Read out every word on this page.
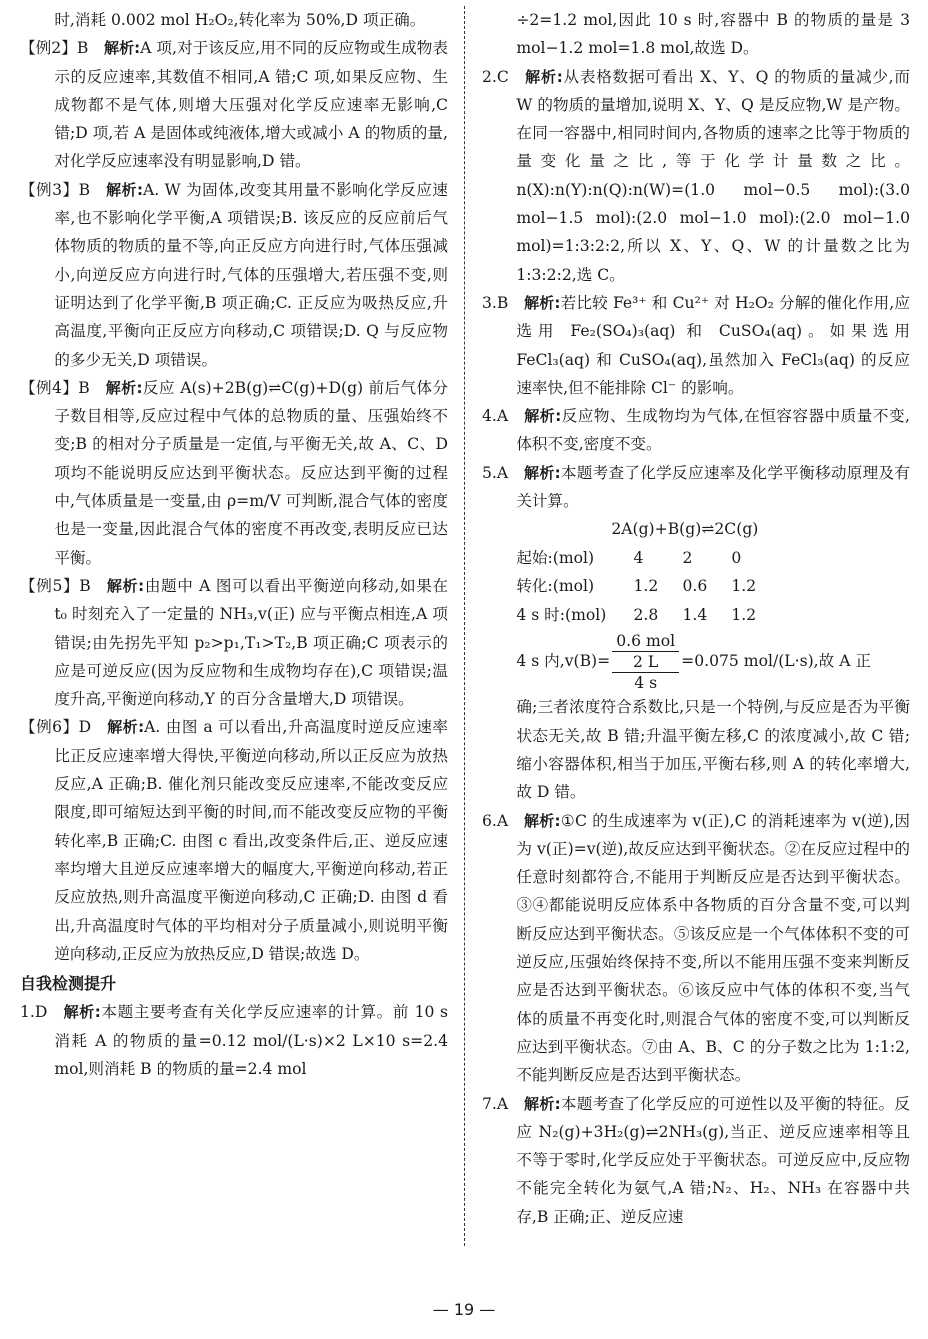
时,消耗 0.002 mol H₂O₂,转化率为 50%,D 项正确。

【例2】B  解析:A 项,对于该反应,用不同的反应物或生成物表示的反应速率,其数值不相同,A 错;C 项,如果反应物、生成物都不是气体,则增大压强对化学反应速率无影响,C 错;D 项,若 A 是固体或纯液体,增大或减小 A 的物质的量,对化学反应速率没有明显影响,D 错。

【例3】B  解析:A. W 为固体,改变其用量不影响化学反应速率,也不影响化学平衡,A 项错误;B. 该反应的反应前后气体物质的物质的量不等,向正反应方向进行时,气体压强减小,向逆反应方向进行时,气体的压强增大,若压强不变,则证明达到了化学平衡,B 项正确;C. 正反应为吸热反应,升高温度,平衡向正反应方向移动,C 项错误;D. Q 与反应物的多少无关,D 项错误。

【例4】B  解析:反应 A(s)+2B(g)⇌C(g)+D(g) 前后气体分子数目相等,反应过程中气体的总物质的量、压强始终不变;B 的相对分子质量是一定值,与平衡无关,故 A、C、D 项均不能说明反应达到平衡状态。反应达到平衡的过程中,气体质量是一变量,由 ρ=m/V 可判断,混合气体的密度也是一变量,因此混合气体的密度不再改变,表明反应已达平衡。

【例5】B  解析:由题中 A 图可以看出平衡逆向移动,如果在 t₀ 时刻充入了一定量的 NH₃,v(正) 应与平衡点相连,A 项错误;由先拐先平知 p₂>p₁,T₁>T₂,B 项正确;C 项表示的应是可逆反应(因为反应物和生成物均存在),C 项错误;温度升高,平衡逆向移动,Y 的百分含量增大,D 项错误。

【例6】D  解析:A. 由图 a 可以看出,升高温度时逆反应速率比正反应速率增大得快,平衡逆向移动,所以正反应为放热反应,A 正确;B. 催化剂只能改变反应速率,不能改变反应限度,即可缩短达到平衡的时间,而不能改变反应物的平衡转化率,B 正确;C. 由图 c 看出,改变条件后,正、逆反应速率均增大且逆反应速率增大的幅度大,平衡逆向移动,若正反应放热,则升高温度平衡逆向移动,C 正确;D. 由图 d 看出,升高温度时气体的平均相对分子质量减小,则说明平衡逆向移动,正反应为放热反应,D 错误;故选 D。

自我检测提升

1.D  解析:本题主要考查有关化学反应速率的计算。前 10 s 消耗 A 的物质的量=0.12 mol/(L·s)×2 L×10 s=2.4 mol,则消耗 B 的物质的量=2.4 mol

÷2=1.2 mol,因此 10 s 时,容器中 B 的物质的量是 3 mol−1.2 mol=1.8 mol,故选 D。

2.C  解析:从表格数据可看出 X、Y、Q 的物质的量减少,而 W 的物质的量增加,说明 X、Y、Q 是反应物,W 是产物。在同一容器中,相同时间内,各物质的速率之比等于物质的量变化量之比,等于化学计量数之比。n(X):n(Y):n(Q):n(W)=(1.0 mol−0.5 mol):(3.0 mol−1.5 mol):(2.0 mol−1.0 mol):(2.0 mol−1.0 mol)=1:3:2:2,所以 X、Y、Q、W 的计量数之比为 1:3:2:2,选 C。

3.B  解析:若比较 Fe³⁺ 和 Cu²⁺ 对 H₂O₂ 分解的催化作用,应选用 Fe₂(SO₄)₃(aq) 和 CuSO₄(aq)。如果选用 FeCl₃(aq) 和 CuSO₄(aq),虽然加入 FeCl₃(aq) 的反应速率快,但不能排除 Cl⁻ 的影响。

4.A  解析:反应物、生成物均为气体,在恒容容器中质量不变,体积不变,密度不变。

5.A  解析:本题考查了化学反应速率及化学平衡移动原理及有关计算。

2A(g)+B(g)⇌2C(g)			
起始:(mol)	4	2	0
转化:(mol)	1.2	0.6	1.2
4 s 时:(mol)	2.8	1.4	1.2

4 s 内,v(B)=
0.6 mol
2 L
4 s
=0.075 mol/(L·s),故 A 正

确;三者浓度符合系数比,只是一个特例,与反应是否为平衡状态无关,故 B 错;升温平衡左移,C 的浓度减小,故 C 错;缩小容器体积,相当于加压,平衡右移,则 A 的转化率增大,故 D 错。

6.A  解析:①C 的生成速率为 v(正),C 的消耗速率为 v(逆),因为 v(正)=v(逆),故反应达到平衡状态。②在反应过程中的任意时刻都符合,不能用于判断反应是否达到平衡状态。③④都能说明反应体系中各物质的百分含量不变,可以判断反应达到平衡状态。⑤该反应是一个气体体积不变的可逆反应,压强始终保持不变,所以不能用压强不变来判断反应是否达到平衡状态。⑥该反应中气体的体积不变,当气体的质量不再变化时,则混合气体的密度不变,可以判断反应达到平衡状态。⑦由 A、B、C 的分子数之比为 1:1:2,不能判断反应是否达到平衡状态。

7.A  解析:本题考查了化学反应的可逆性以及平衡的特征。反应 N₂(g)+3H₂(g)⇌2NH₃(g),当正、逆反应速率相等且不等于零时,化学反应处于平衡状态。可逆反应中,反应物不能完全转化为氨气,A 错;N₂、H₂、NH₃ 在容器中共存,B 正确;正、逆反应速

— 19 —
